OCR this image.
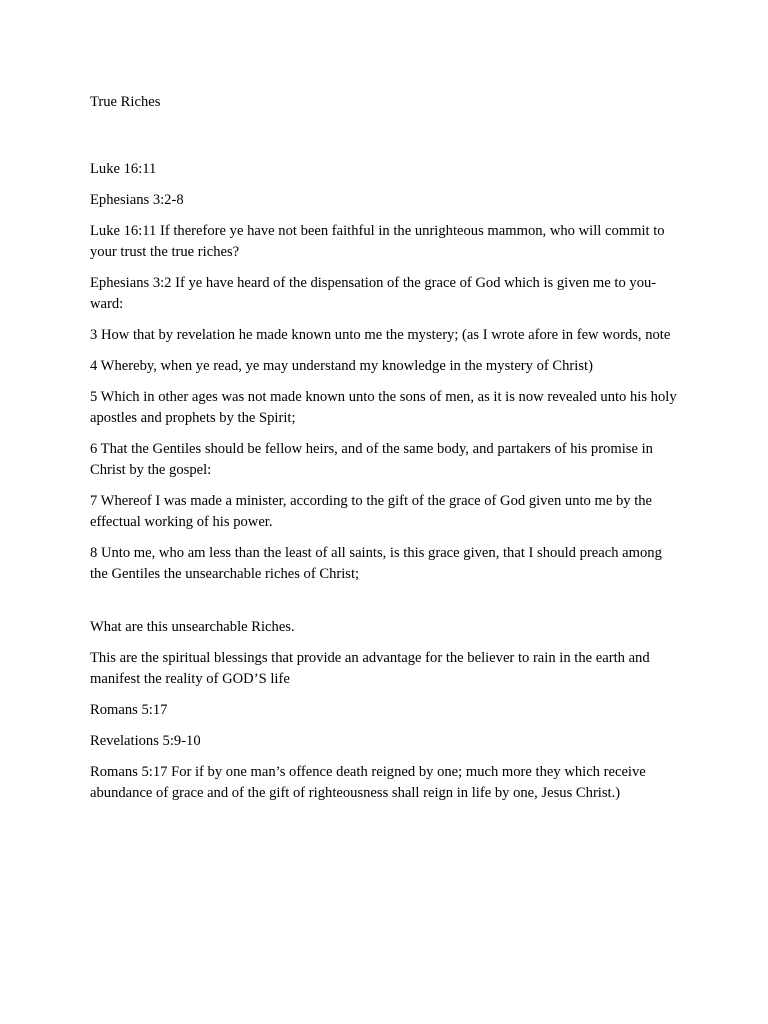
True Riches

Luke 16:11

Ephesians 3:2-8

Luke 16:11 If therefore ye have not been faithful in the unrighteous mammon, who will commit to your trust the true riches?

Ephesians 3:2 If ye have heard of the dispensation of the grace of God which is given me to you-ward:

3 How that by revelation he made known unto me the mystery; (as I wrote afore in few words, note

4 Whereby, when ye read, ye may understand my knowledge in the mystery of Christ)

5 Which in other ages was not made known unto the sons of men, as it is now revealed unto his holy apostles and prophets by the Spirit;

6 That the Gentiles should be fellow heirs, and of the same body, and partakers of his promise in Christ by the gospel:

7 Whereof I was made a minister, according to the gift of the grace of God given unto me by the effectual working of his power.

8 Unto me, who am less than the least of all saints, is this grace given, that I should preach among the Gentiles the unsearchable riches of Christ;

What are this unsearchable Riches.

This are the spiritual blessings that provide an advantage for the believer to rain in the earth and manifest the reality of GOD’S life

Romans 5:17

Revelations 5:9-10

Romans 5:17 For if by one man’s offence death reigned by one; much more they which receive abundance of grace and of the gift of righteousness shall reign in life by one, Jesus Christ.)
